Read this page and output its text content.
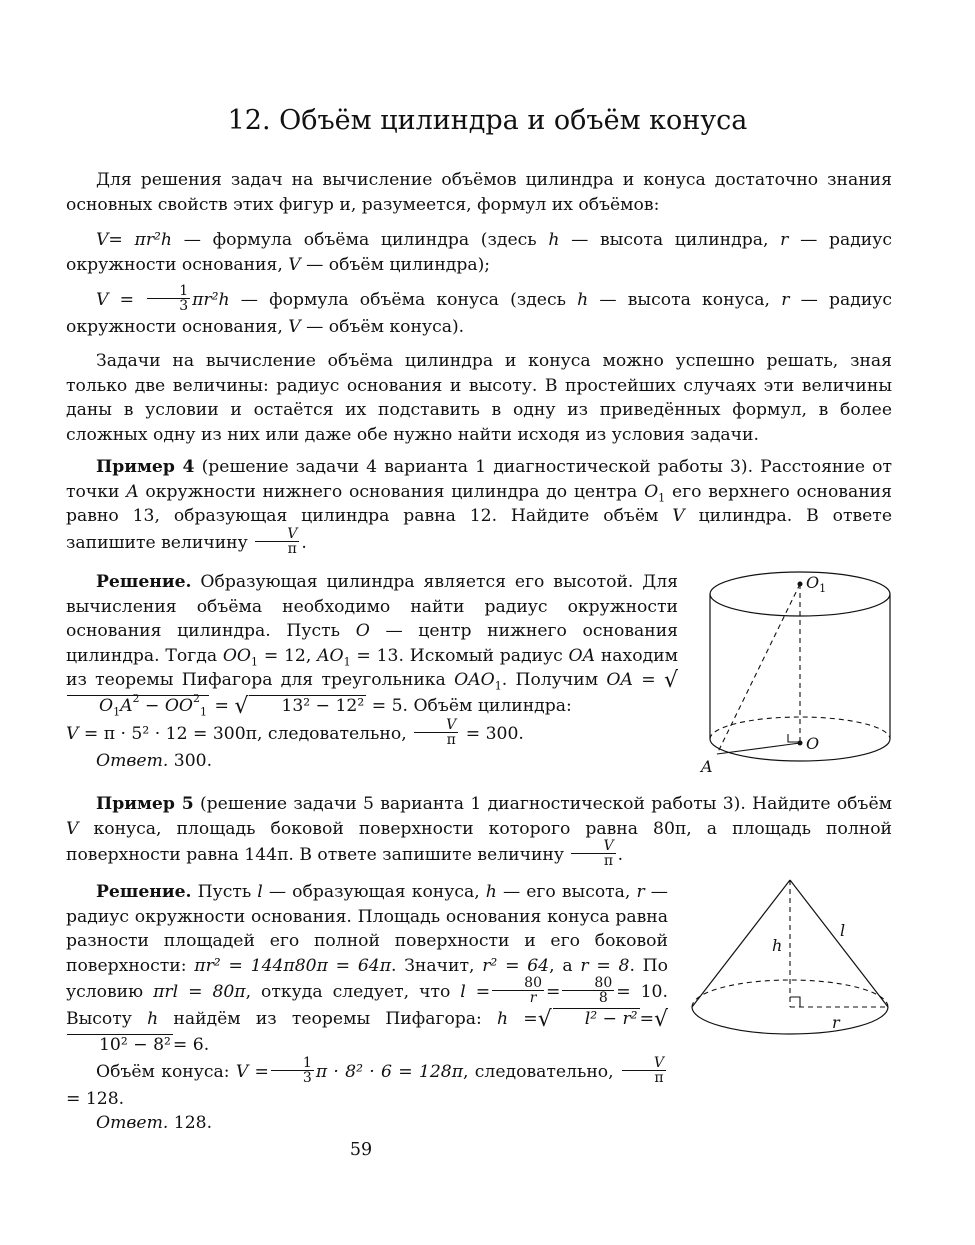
12. Объём цилиндра и объём конуса

Для решения задач на вычисление объёмов цилиндра и конуса достаточно знания основных свойств этих фигур и, разумеется, формул их объёмов:

V= πr²h — формула объёма цилиндра (здесь h — высота цилиндра, r — радиус окружности основания, V — объём цилиндра);

$V = \frac{1}{3} \pi r^2h$ — формула объёма конуса (здесь h — высота конуса, r — радиус окружности основания, V — объём конуса).

Задачи на вычисление объёма цилиндра и конуса можно успешно решать, зная только две величины: радиус основания и высоту. В простейших случаях эти величины даны в условии и остаётся их подставить в одну из приведённых формул, в более сложных одну из них или даже обе нужно найти исходя из условия задачи.

Пример 4 (решение задачи 4 варианта 1 диагностической работы 3). Расстояние от точки A окружности нижнего основания цилиндра до центра $O_1$ его верхнего основания равно 13, образующая цилиндра равна 12. Найдите объём V цилиндра. В ответе запишите величину $\frac{V}{\pi}$ .

Решение. Образующая цилиндра является его высотой. Для вычисления объёма необходимо найти радиус окружности основания цилиндра. Пусть O — центр нижнего основания цилиндра. Тогда $OO_1 = 12$, $AO_1 = 13$. Искомый радиус OA находим из теоремы Пифагора для треугольника $OAO_1$. Получим OA = $√O_1A^2 - OO^2_1$ = √ 13² − 12² = 5. Объём цилиндра:
V = π · 5² · 12 = 300π, следовательно, $\frac{V}{\pi} = 300$.
Ответ. 300.

$O_1$
O
A

Пример 5 (решение задачи 5 варианта 1 диагностической работы 3). Найдите объём V конуса, площадь боковой поверхности которого равна 80π, а площадь полной поверхности равна 144π. В ответе запишите величину $\frac{V}{\pi}$ .

Решение. Пусть l — образующая конуса, h — его высота, r — радиус окружности основания. Площадь основания конуса равна разности площадей его полной поверхности и его боковой поверхности: πr² = 144π80π = 64π. Значит, r² = 64, а r = 8. По условию πrl = 80π, откуда следует, что $l = \frac{80}{r} = \frac{80}{8} = 10$. Высоту h найдём из теоремы Пифагора: h =√ l² − r² =√10² − 8² = 6.
Объём конуса: $V = \frac{1}{3}$ π · 8² · 6 = 128π, следовательно, $\frac{V}{\pi}$
= 128.
Ответ. 128.

h
l
r
59
